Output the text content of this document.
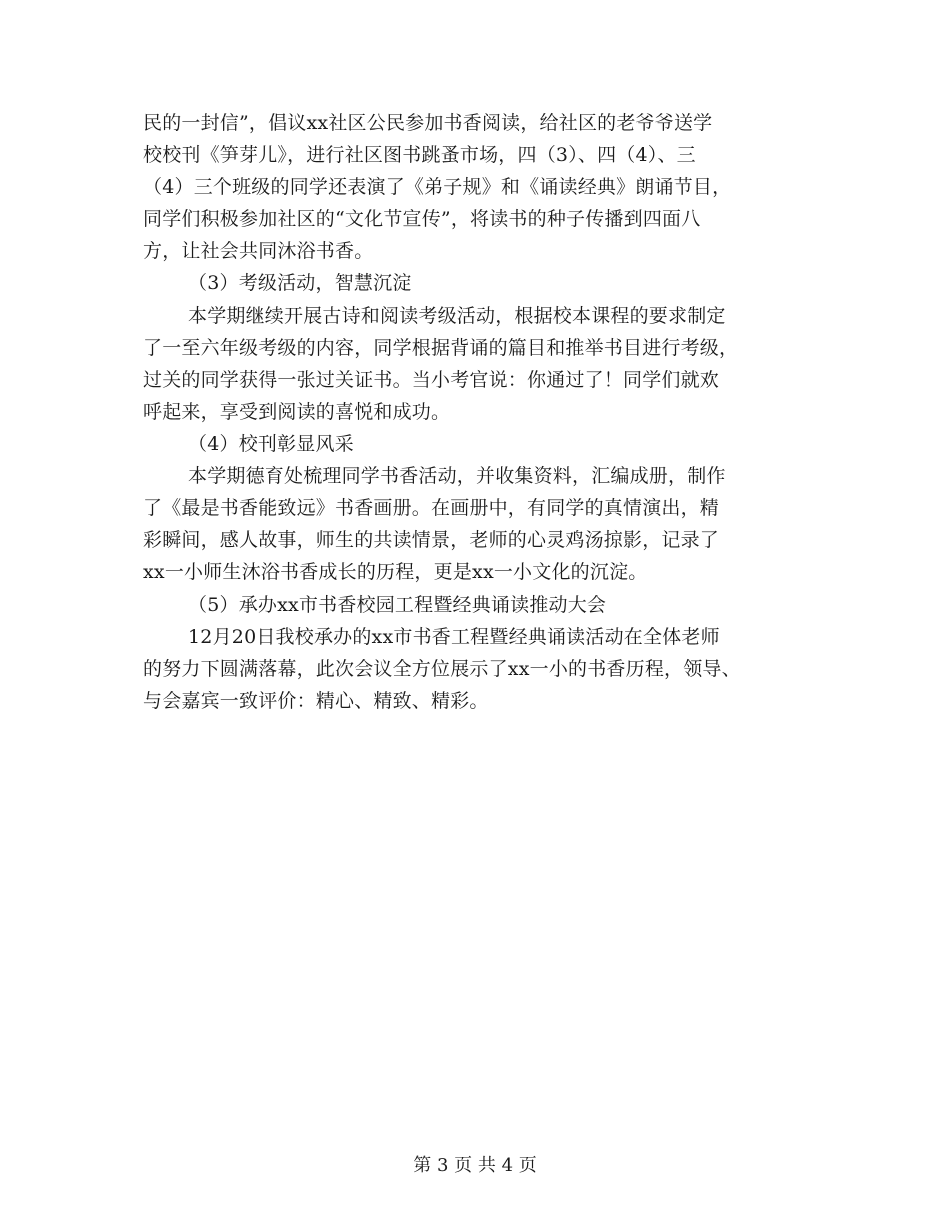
民的一封信”，倡议xx社区公民参加书香阅读，给社区的老爷爷送学
校校刊《笋芽儿》，进行社区图书跳蚤市场，四（3）、四（4）、三
（4）三个班级的同学还表演了《弟子规》和《诵读经典》朗诵节目，
同学们积极参加社区的“文化节宣传”，将读书的种子传播到四面八
方，让社会共同沐浴书香。
（3）考级活动，智慧沉淀
本学期继续开展古诗和阅读考级活动，根据校本课程的要求制定
了一至六年级考级的内容，同学根据背诵的篇目和推举书目进行考级，
过关的同学获得一张过关证书。当小考官说：你通过了！同学们就欢
呼起来，享受到阅读的喜悦和成功。
（4）校刊彰显风采
本学期德育处梳理同学书香活动，并收集资料，汇编成册，制作
了《最是书香能致远》书香画册。在画册中，有同学的真情演出，精
彩瞬间，感人故事，师生的共读情景，老师的心灵鸡汤掠影，记录了
xx一小师生沐浴书香成长的历程，更是xx一小文化的沉淀。
（5）承办xx市书香校园工程暨经典诵读推动大会
12月20日我校承办的xx市书香工程暨经典诵读活动在全体老师
的努力下圆满落幕，此次会议全方位展示了xx一小的书香历程，领导、
与会嘉宾一致评价：精心、精致、精彩。
第 3 页 共 4 页
